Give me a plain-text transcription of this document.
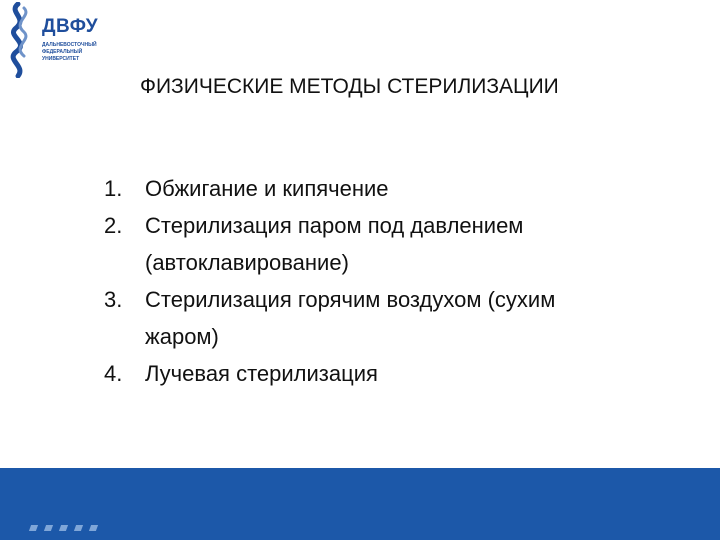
ДВФУ
ДАЛЬНЕВОСТОЧНЫЙ
ФЕДЕРАЛЬНЫЙ
УНИВЕРСИТЕТ
ФИЗИЧЕСКИЕ МЕТОДЫ СТЕРИЛИЗАЦИИ
1. Обжигание и кипячение
2. Стерилизация паром под давлением
(автоклавирование)
3. Стерилизация горячим воздухом (сухим
жаром)
4. Лучевая стерилизация
